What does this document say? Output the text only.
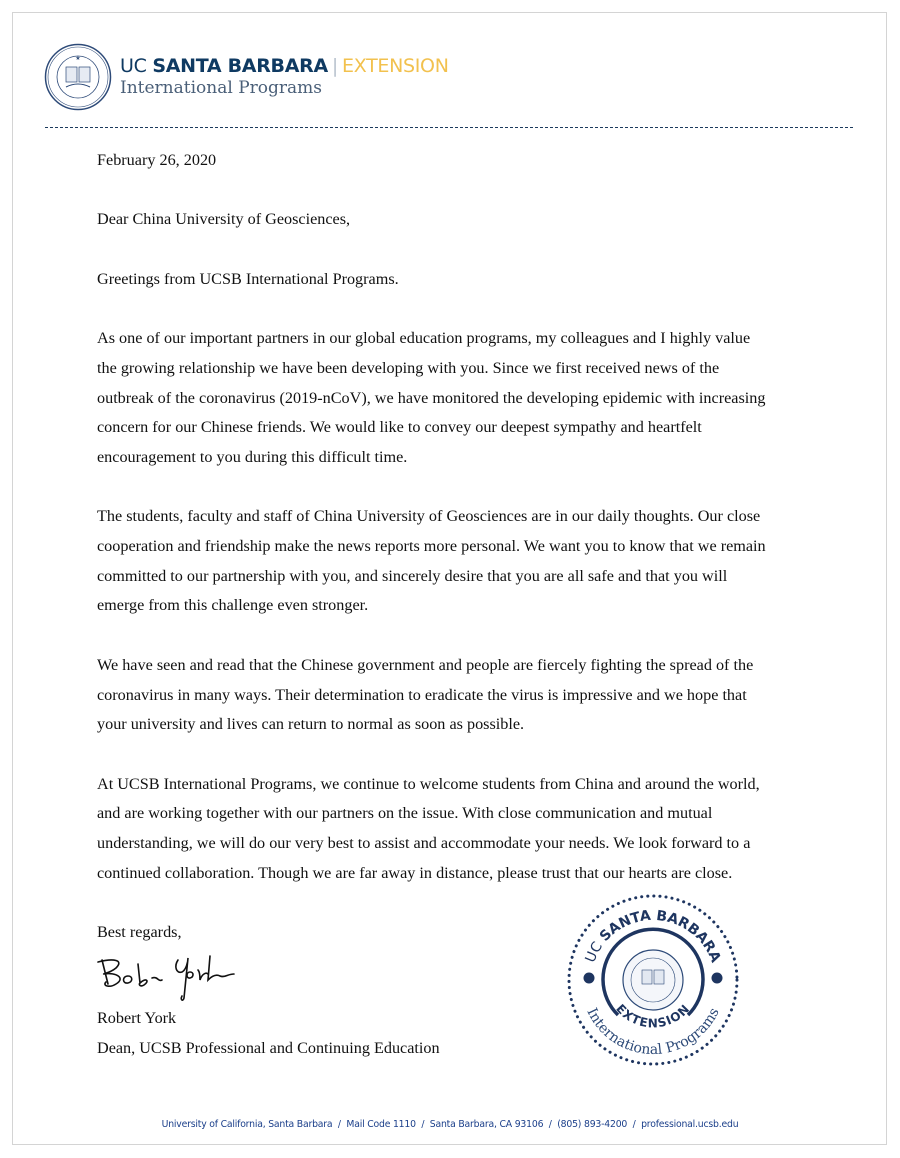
★ UC SANTA BARBARA | EXTENSION
International Programs

February 26, 2020

Dear China University of Geosciences,

Greetings from UCSB International Programs.

As one of our important partners in our global education programs, my colleagues and I highly value
the growing relationship we have been developing with you. Since we first received news of the
outbreak of the coronavirus (2019-nCoV), we have monitored the developing epidemic with increasing
concern for our Chinese friends. We would like to convey our deepest sympathy and heartfelt
encouragement to you during this difficult time.

The students, faculty and staff of China University of Geosciences are in our daily thoughts. Our close
cooperation and friendship make the news reports more personal. We want you to know that we remain
committed to our partnership with you, and sincerely desire that you are all safe and that you will
emerge from this challenge even stronger.

We have seen and read that the Chinese government and people are fiercely fighting the spread of the
coronavirus in many ways. Their determination to eradicate the virus is impressive and we hope that
your university and lives can return to normal as soon as possible.

At UCSB International Programs, we continue to welcome students from China and around the world,
and are working together with our partners on the issue. With close communication and mutual
understanding, we will do our very best to assist and accommodate your needs. We look forward to a
continued collaboration. Though we are far away in distance, please trust that our hearts are close.

Best regards,

Robert York
Dean, UCSB Professional and Continuing Education
UC SANTA BARBARA
EXTENSION
International Programs
University of California, Santa Barbara  /  Mail Code 1110  /  Santa Barbara, CA 93106  /  (805) 893-4200  /  professional.ucsb.edu
